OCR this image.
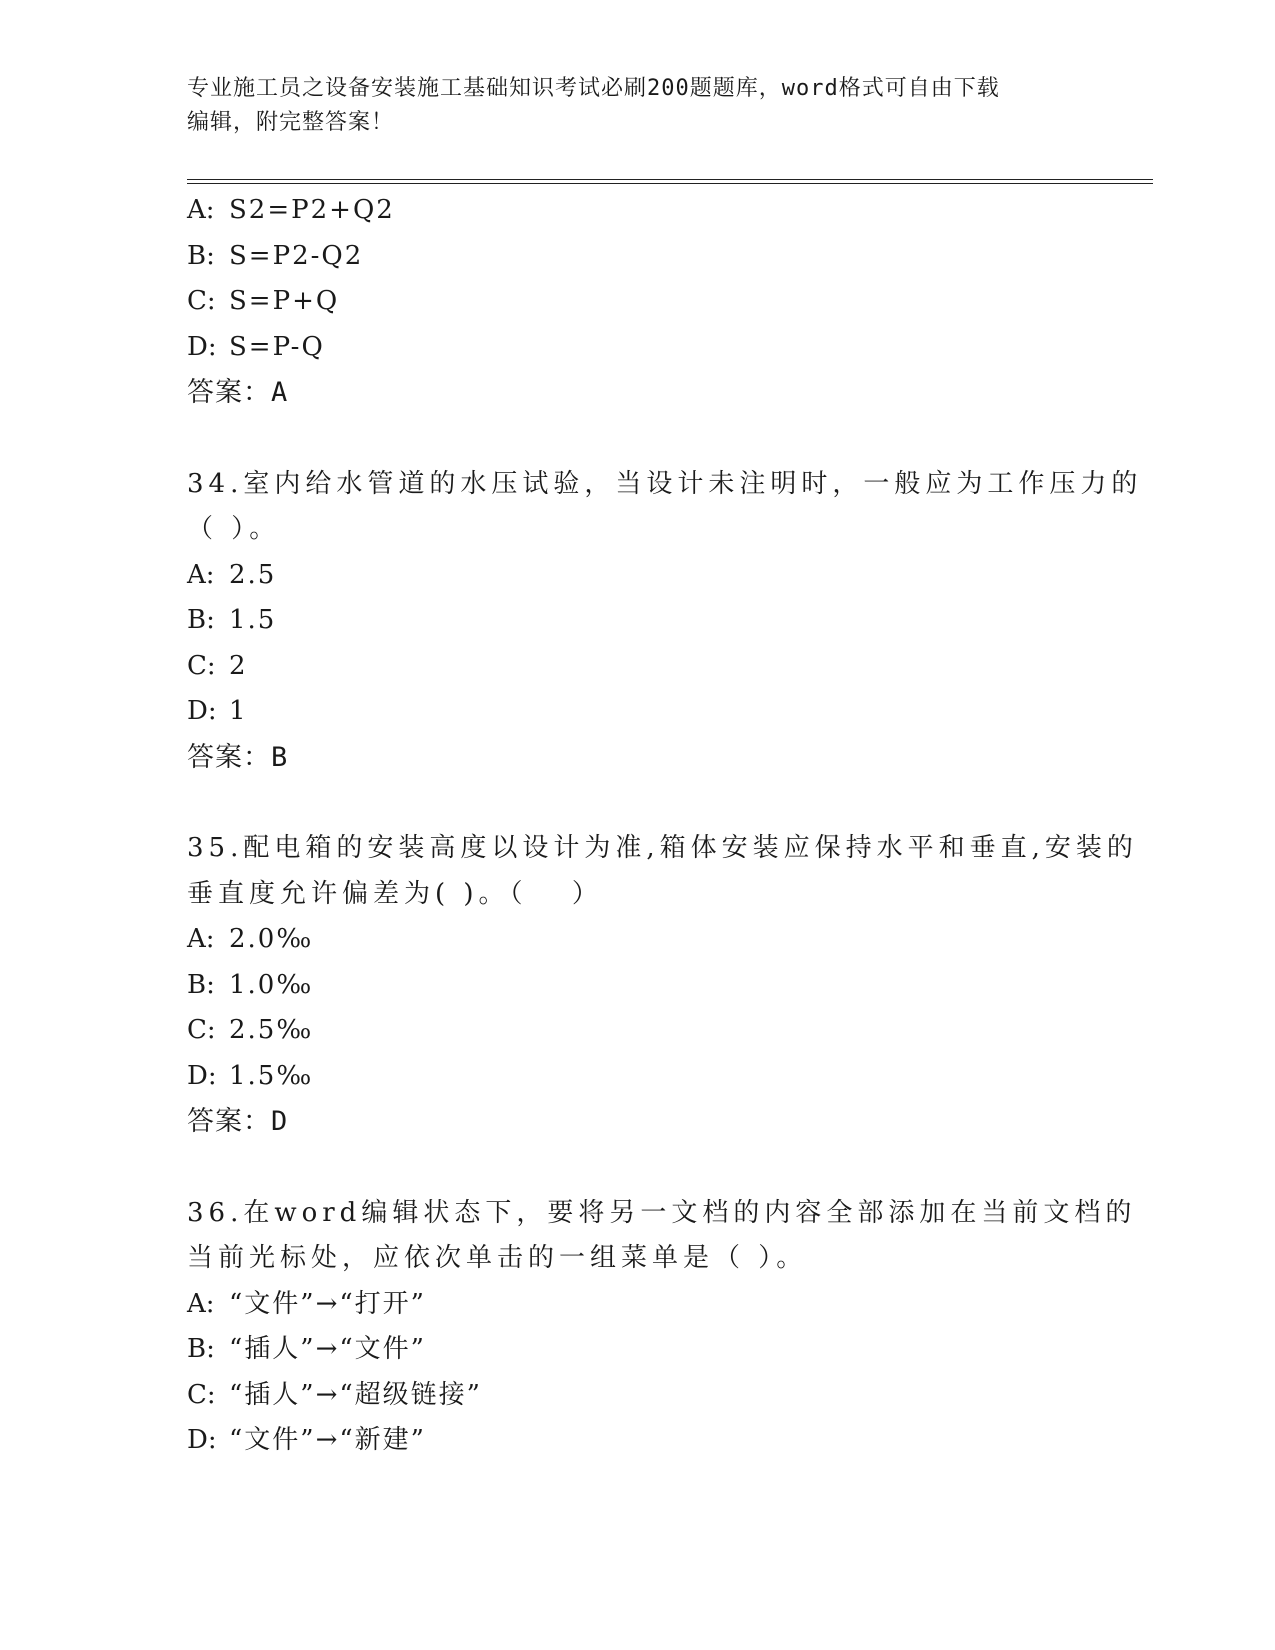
专业施工员之设备安装施工基础知识考试必刷200题题库，word格式可自由下载
编辑，附完整答案！
A: S2=P2+Q2
B: S=P2-Q2
C: S=P+Q
D: S=P-Q
答案：A
34.室内给水管道的水压试验，当设计未注明时，一般应为工作压力的
（ ）。
A: 2.5
B: 1.5
C: 2
D: 1
答案：B
35.配电箱的安装高度以设计为准,箱体安装应保持水平和垂直,安装的
垂直度允许偏差为( )。（　 ）
A: 2.0‰
B: 1.0‰
C: 2.5‰
D: 1.5‰
答案：D
36.在word编辑状态下，要将另一文档的内容全部添加在当前文档的
当前光标处，应依次单击的一组菜单是（ ）。
A: “文件”→“打开”
B: “插人”→“文件”
C: “插人”→“超级链接”
D: “文件”→“新建”
